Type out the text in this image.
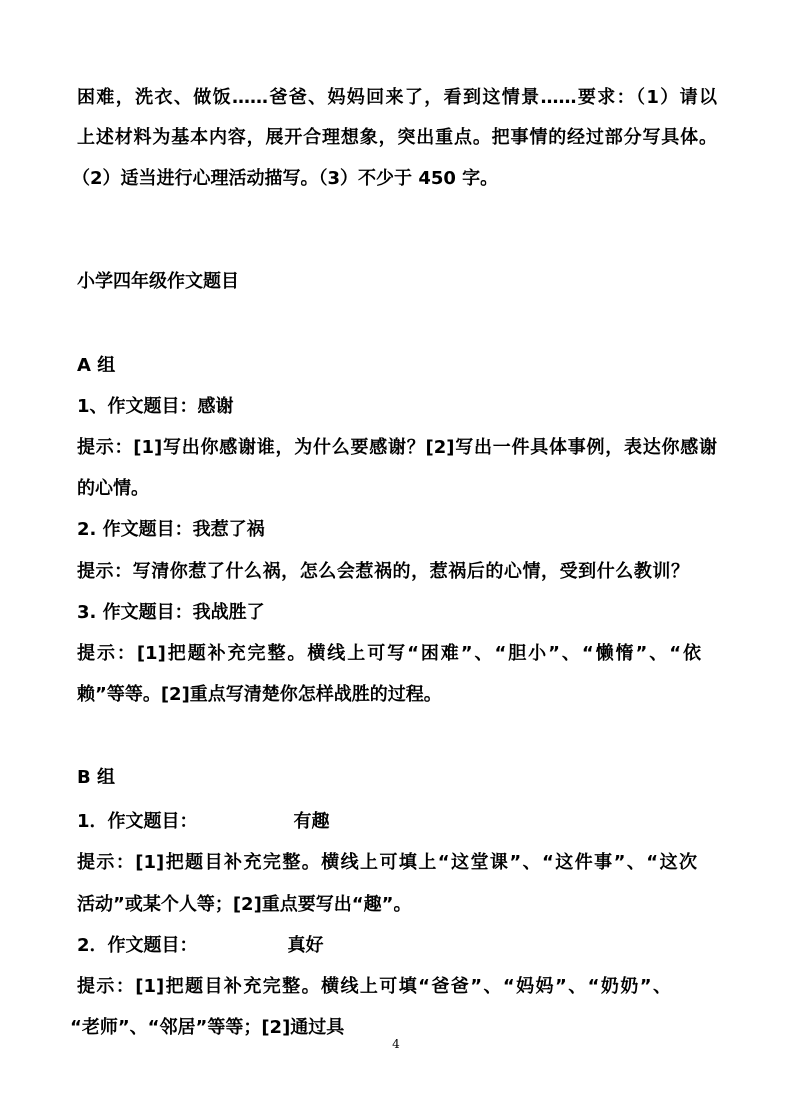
困难，洗衣、做饭……爸爸、妈妈回来了，看到这情景……要求：（1）请以
上述材料为基本内容，展开合理想象，突出重点。把事情的经过部分写具体。
（2）适当进行心理活动描写。（3）不少于 450 字。
小学四年级作文题目
A 组
1、作文题目：感谢
提示：[1]写出你感谢谁，为什么要感谢？[2]写出一件具体事例，表达你感谢
的心情。
2. 作文题目：我惹了祸
提示：写清你惹了什么祸，怎么会惹祸的，惹祸后的心情，受到什么教训？
3. 作文题目：我战胜了
提示：[1]把题补充完整。横线上可写“困难”、“胆小”、“懒惰”、“依
赖”等等。[2]重点写清楚你怎样战胜的过程。
B 组
1．作文题目：	有趣
提示：[1]把题目补充完整。横线上可填上“这堂课”、“这件事”、“这次
活动”或某个人等；[2]重点要写出“趣”。
2．作文题目：	真好
提示：[1]把题目补充完整。横线上可填“爸爸”、“妈妈”、“奶奶”、
“老师”、“邻居”等等；[2]通过具
4
